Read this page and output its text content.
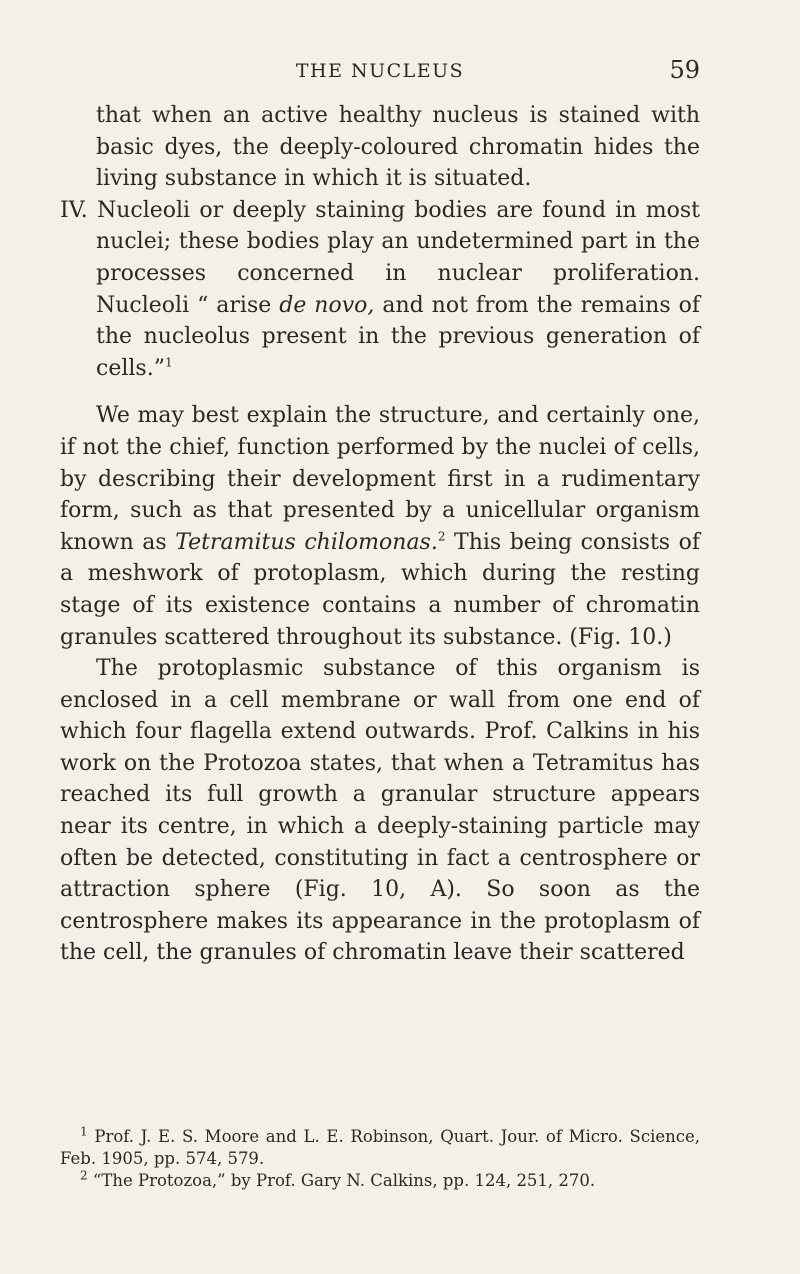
THE NUCLEUS	59

that when an active healthy nucleus is stained with basic dyes, the deeply-coloured chromatin hides the living substance in which it is situated.

IV. Nucleoli or deeply staining bodies are found in most nuclei; these bodies play an undetermined part in the processes concerned in nuclear proliferation. Nucleoli “ arise de novo, and not from the remains of the nucleolus present in the previous generation of cells.”$^1$

We may best explain the structure, and certainly one, if not the chief, function performed by the nuclei of cells, by describing their development first in a rudimentary form, such as that presented by a unicellular organism known as Tetramitus chilomonas.$^2$ This being consists of a meshwork of protoplasm, which during the resting stage of its existence contains a number of chromatin granules scattered throughout its substance. (Fig. 10.)

The protoplasmic substance of this organism is enclosed in a cell membrane or wall from one end of which four flagella extend outwards. Prof. Calkins in his work on the Protozoa states, that when a Tetramitus has reached its full growth a granular structure appears near its centre, in which a deeply-staining particle may often be detected, constituting in fact a centrosphere or attraction sphere (Fig. 10, A). So soon as the centrosphere makes its appearance in the protoplasm of the cell, the granules of chromatin leave their scattered

$^1$ Prof. J. E. S. Moore and L. E. Robinson, Quart. Jour. of Micro. Science, Feb. 1905, pp. 574, 579.

$^2$ “The Protozoa,” by Prof. Gary N. Calkins, pp. 124, 251, 270.
